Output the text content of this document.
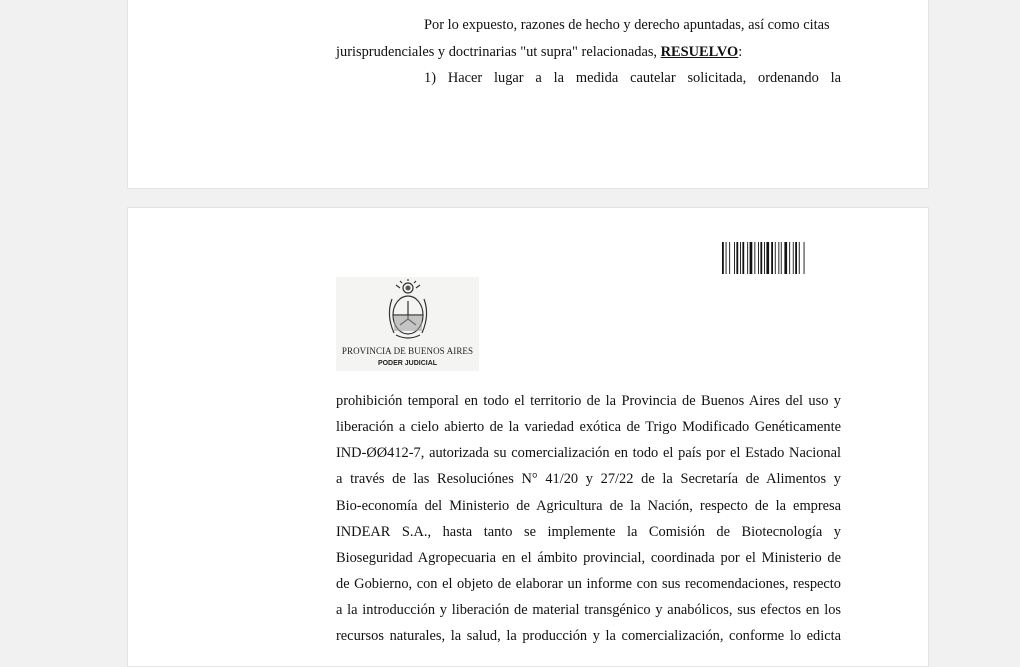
Por lo expuesto, razones de hecho y derecho apuntadas, así como citas

jurisprudenciales y doctrinarias "ut supra" relacionadas, RESUELVO:

1) Hacer lugar a la medida cautelar solicitada, ordenando la

PROVINCIA DE BUENOS AIRES
PODER JUDICIAL

prohibición temporal en todo el territorio de la Provincia de Buenos Aires del uso y

liberación a cielo abierto de la variedad exótica de Trigo Modificado Genéticamente

IND-ØØ412-7, autorizada su comercialización en todo el país por el Estado Nacional

a través de las Resoluciónes N° 41/20 y 27/22 de la Secretaría de Alimentos y

Bio-economía del Ministerio de Agricultura de la Nación, respecto de la empresa

INDEAR S.A., hasta tanto se implemente la Comisión de Biotecnología y

Bioseguridad Agropecuaria en el ámbito provincial, coordinada por el Ministerio de

de Gobierno, con el objeto de elaborar un informe con sus recomendaciones, respecto

a la introducción y liberación de material transgénico y anabólicos, sus efectos en los

recursos naturales, la salud, la producción y la comercialización, conforme lo edicta
